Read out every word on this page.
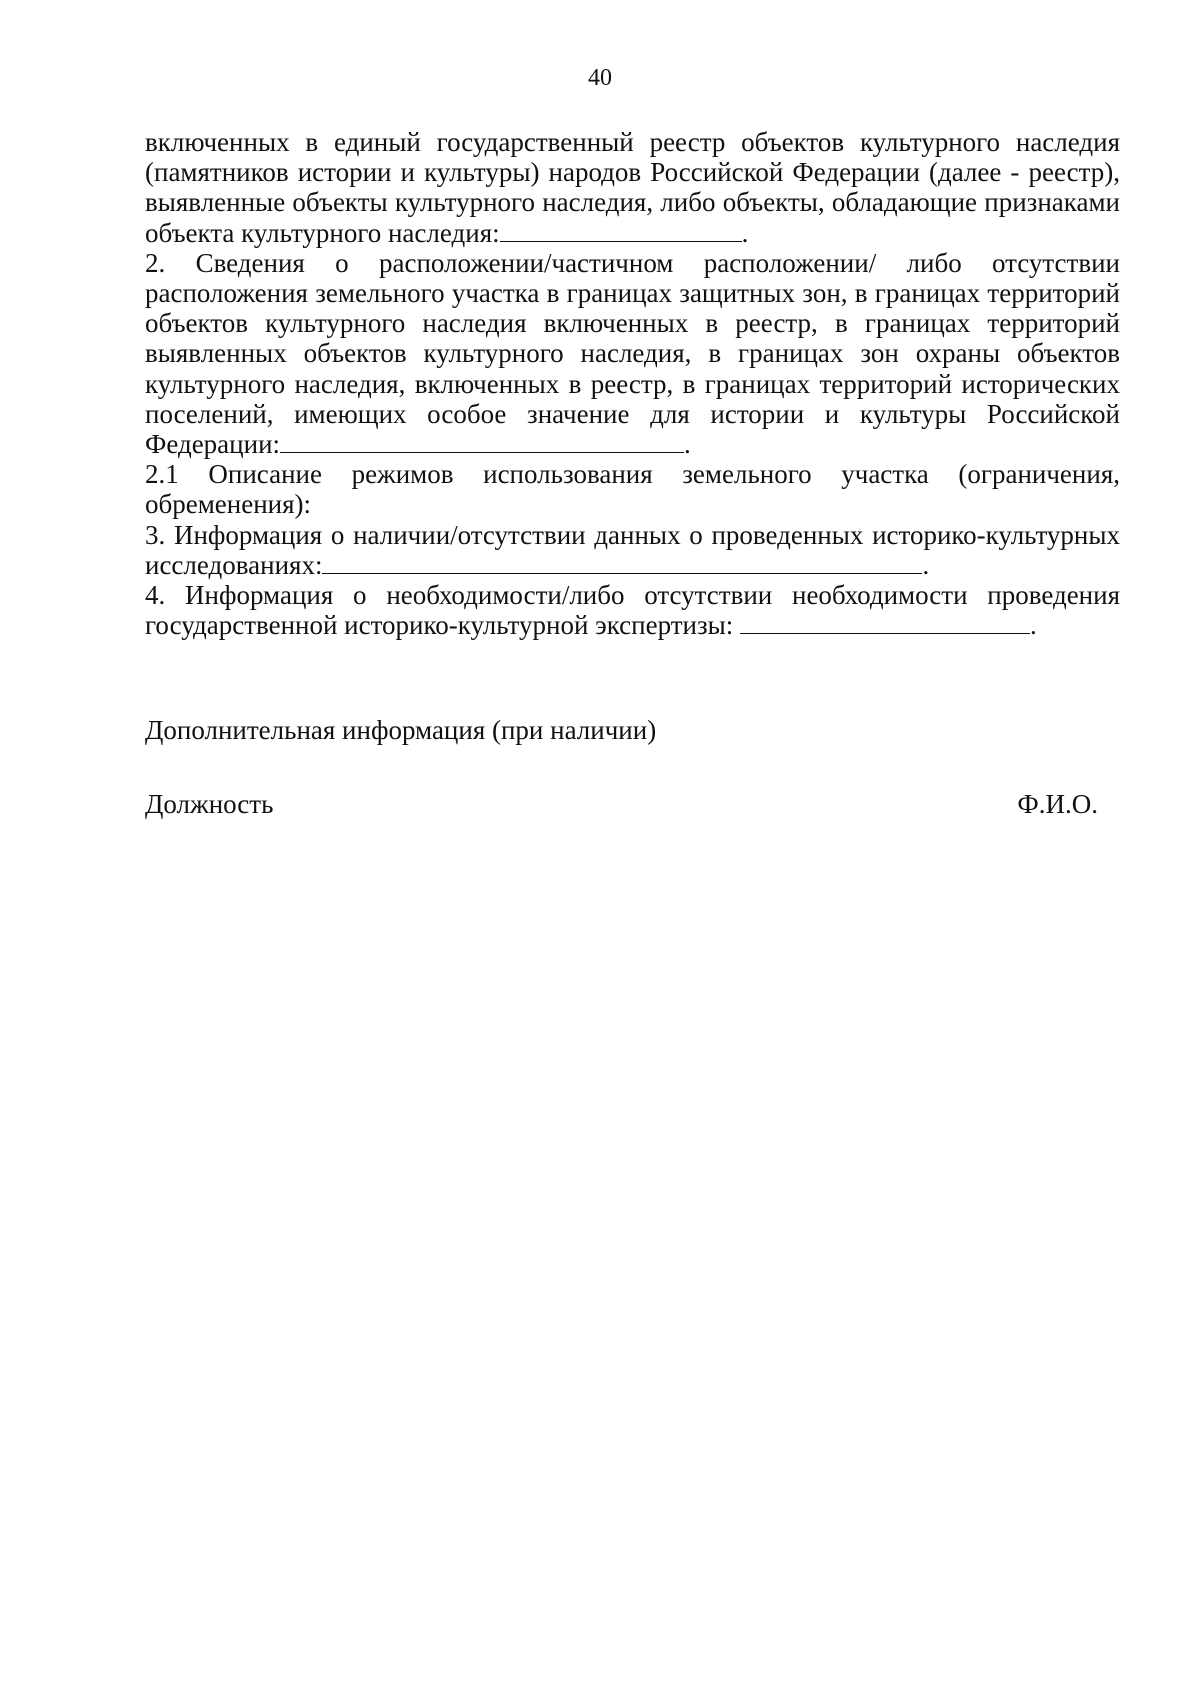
40

включенных в единый государственный реестр объектов культурного наследия (памятников истории и культуры) народов Российской Федерации (далее - реестр), выявленные объекты культурного наследия, либо объекты, обладающие признаками объекта культурного наследия:	.

2. Сведения о расположении/частичном расположении/ либо отсутствии расположения земельного участка в границах защитных зон, в границах территорий объектов культурного наследия включенных в реестр, в границах территорий выявленных объектов культурного наследия, в границах зон охраны объектов культурного наследия, включенных в реестр, в границах территорий исторических поселений, имеющих особое значение для истории и культуры Российской Федерации:	.

2.1 Описание режимов использования земельного участка (ограничения, обременения):

3. Информация о наличии/отсутствии данных о проведенных историко-культурных исследованиях:	.

4. Информация о необходимости/либо отсутствии необходимости проведения государственной историко-культурной экспертизы:	.

Дополнительная информация (при наличии)
Должность	Ф.И.О.
